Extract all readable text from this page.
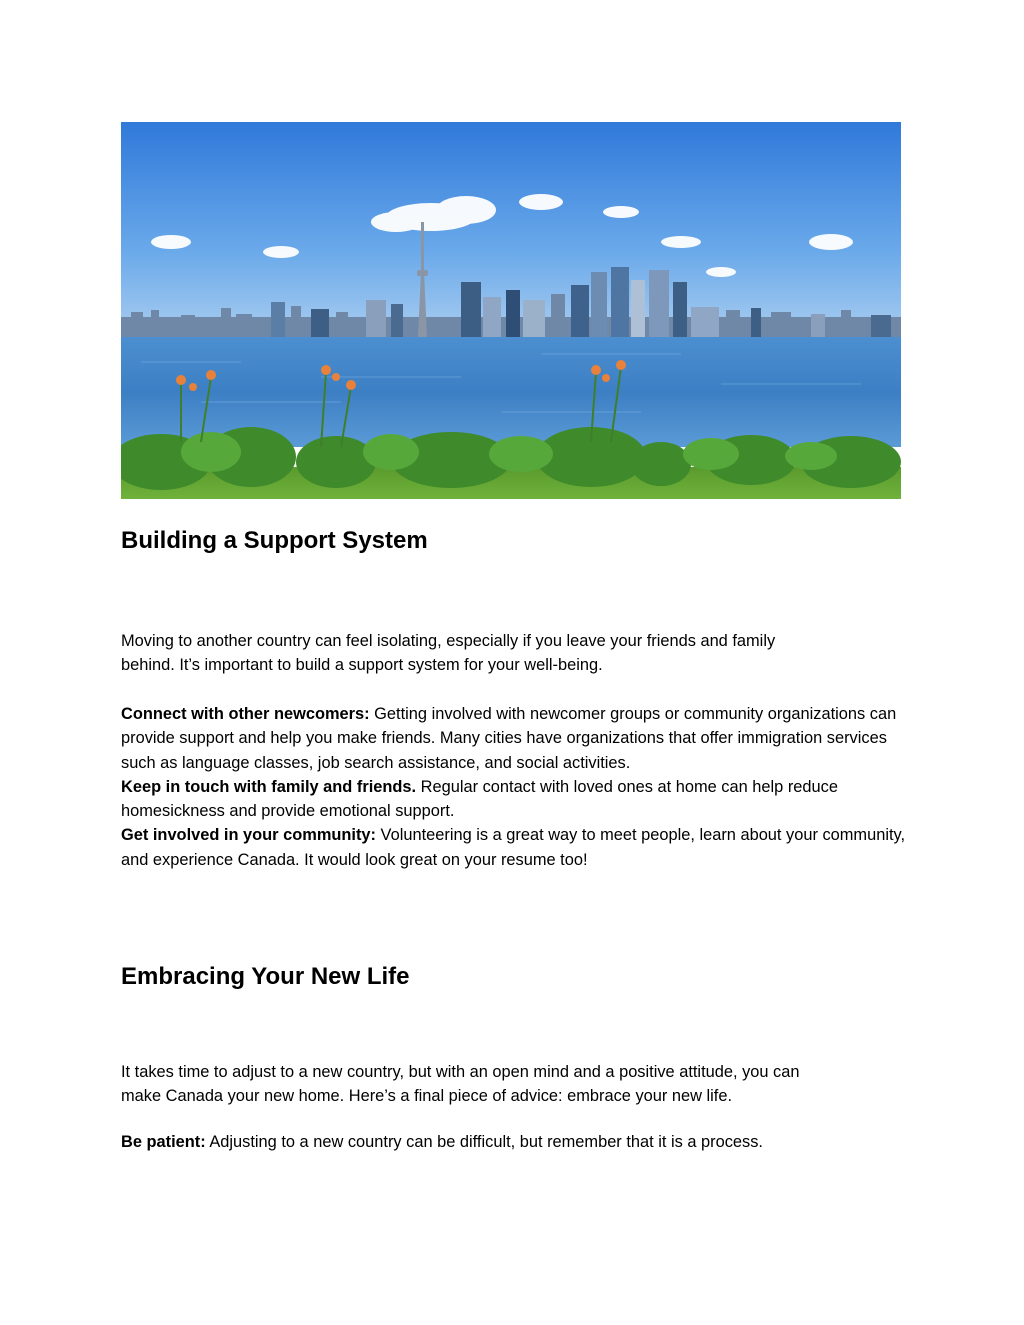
Building a Support System

Moving to another country can feel isolating, especially if you leave your friends and family
behind. It’s important to build a support system for your well-being.

Connect with other newcomers: Getting involved with newcomer groups or community organizations can provide support and help you make friends. Many cities have organizations that offer immigration services such as language classes, job search assistance, and social activities.
Keep in touch with family and friends. Regular contact with loved ones at home can help reduce homesickness and provide emotional support.
Get involved in your community: Volunteering is a great way to meet people, learn about your community, and experience Canada. It would look great on your resume too!

Embracing Your New Life

It takes time to adjust to a new country, but with an open mind and a positive attitude, you can
make Canada your new home. Here’s a final piece of advice: embrace your new life.

Be patient: Adjusting to a new country can be difficult, but remember that it is a process.
